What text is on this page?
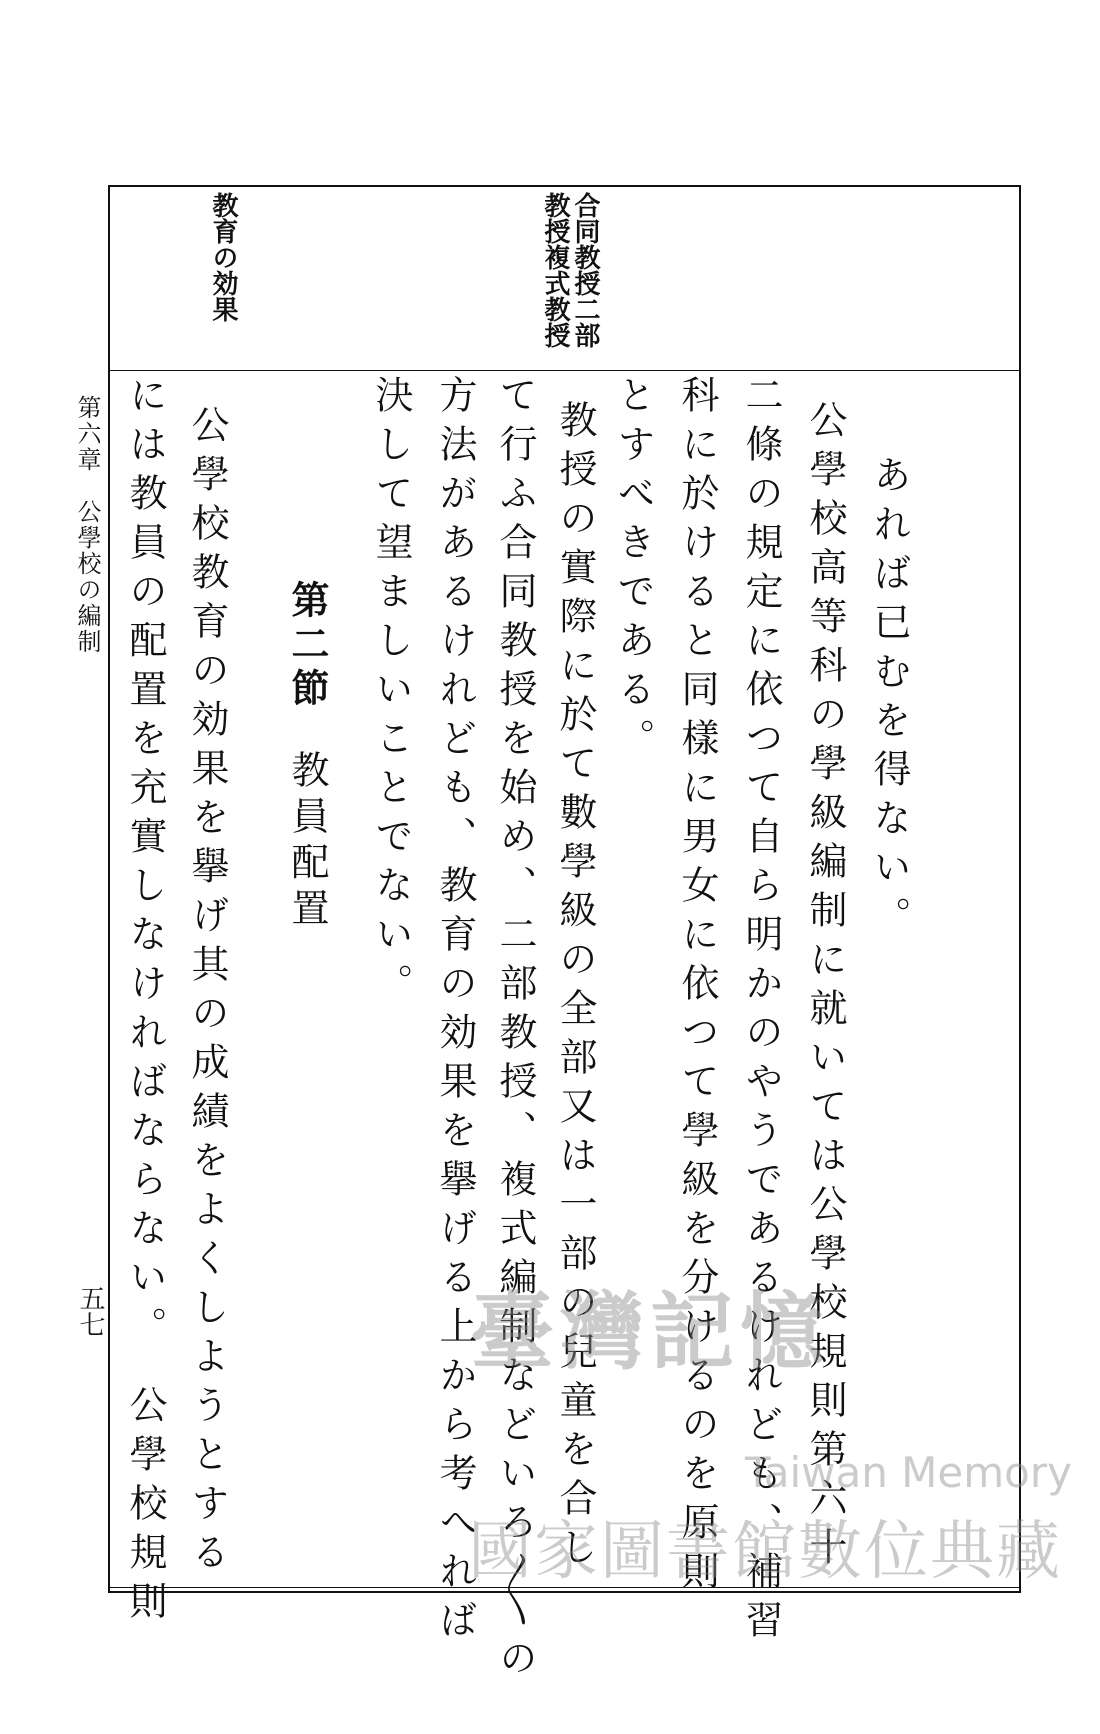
第六章　公學校の編制
五七
合同教授二部
教授複式教授
教育の効果
あれば已むを得ない。
公學校高等科の學級編制に就いては公學校規則第六十
二條の規定に依つて自ら明かのやうであるけれども、補習
科に於けると同樣に男女に依つて學級を分けるのを原則
とすべきである。
教授の實際に於て數學級の全部又は一部の兒童を合し
て行ふ合同教授を始め、二部教授、複式編制などいろ〳〵の
方法があるけれども、教育の効果を擧げる上から考へれば
決して望ましいことでない。
第二節
教員配置
公學校教育の効果を擧げ其の成績をよくしようとする
には教員の配置を充實しなければならない。　公學校規則	臺灣記憶
Taiwan Memory
國家圖書館數位典藏
